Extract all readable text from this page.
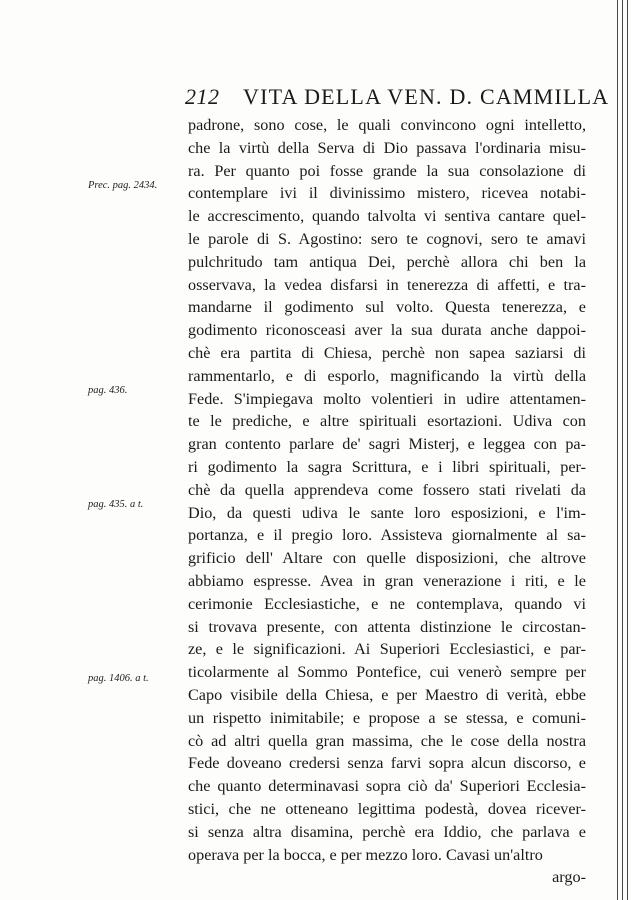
212 VITA DELLA VEN. D. CAMMILLA
Prec. pag. 2434.
pag. 436.
pag. 435. a t.
pag. 1406. a t.
padrone, sono cose, le quali convincono ogni intelletto,
che la virtù della Serva di Dio passava l'ordinaria misu-
ra. Per quanto poi fosse grande la sua consolazione di
contemplare ivi il divinissimo mistero, ricevea notabi-
le accrescimento, quando talvolta vi sentiva cantare quel-
le parole di S. Agostino: sero te cognovi, sero te amavi
pulchritudo tam antiqua Dei, perchè allora chi ben la
osservava, la vedea disfarsi in tenerezza di affetti, e tra-
mandarne il godimento sul volto. Questa tenerezza, e
godimento riconosceasi aver la sua durata anche dappoi-
chè era partita di Chiesa, perchè non sapea saziarsi di
rammentarlo, e di esporlo, magnificando la virtù della
Fede. S'impiegava molto volentieri in udire attentamen-
te le prediche, e altre spirituali esortazioni. Udiva con
gran contento parlare de' sagri Misterj, e leggea con pa-
ri godimento la sagra Scrittura, e i libri spirituali, per-
chè da quella apprendeva come fossero stati rivelati da
Dio, da questi udiva le sante loro esposizioni, e l'im-
portanza, e il pregio loro. Assisteva giornalmente al sa-
grificio dell' Altare con quelle disposizioni, che altrove
abbiamo espresse. Avea in gran venerazione i riti, e le
cerimonie Ecclesiastiche, e ne contemplava, quando vi
si trovava presente, con attenta distinzione le circostan-
ze, e le significazioni. Ai Superiori Ecclesiastici, e par-
ticolarmente al Sommo Pontefice, cui venerò sempre per
Capo visibile della Chiesa, e per Maestro di verità, ebbe
un rispetto inimitabile; e propose a se stessa, e comuni-
cò ad altri quella gran massima, che le cose della nostra
Fede doveano credersi senza farvi sopra alcun discorso, e
che quanto determinavasi sopra ciò da' Superiori Ecclesia-
stici, che ne otteneano legittima podestà, dovea ricever-
si senza altra disamina, perchè era Iddio, che parlava e
operava per la bocca, e per mezzo loro. Cavasi un'altro
argo-
